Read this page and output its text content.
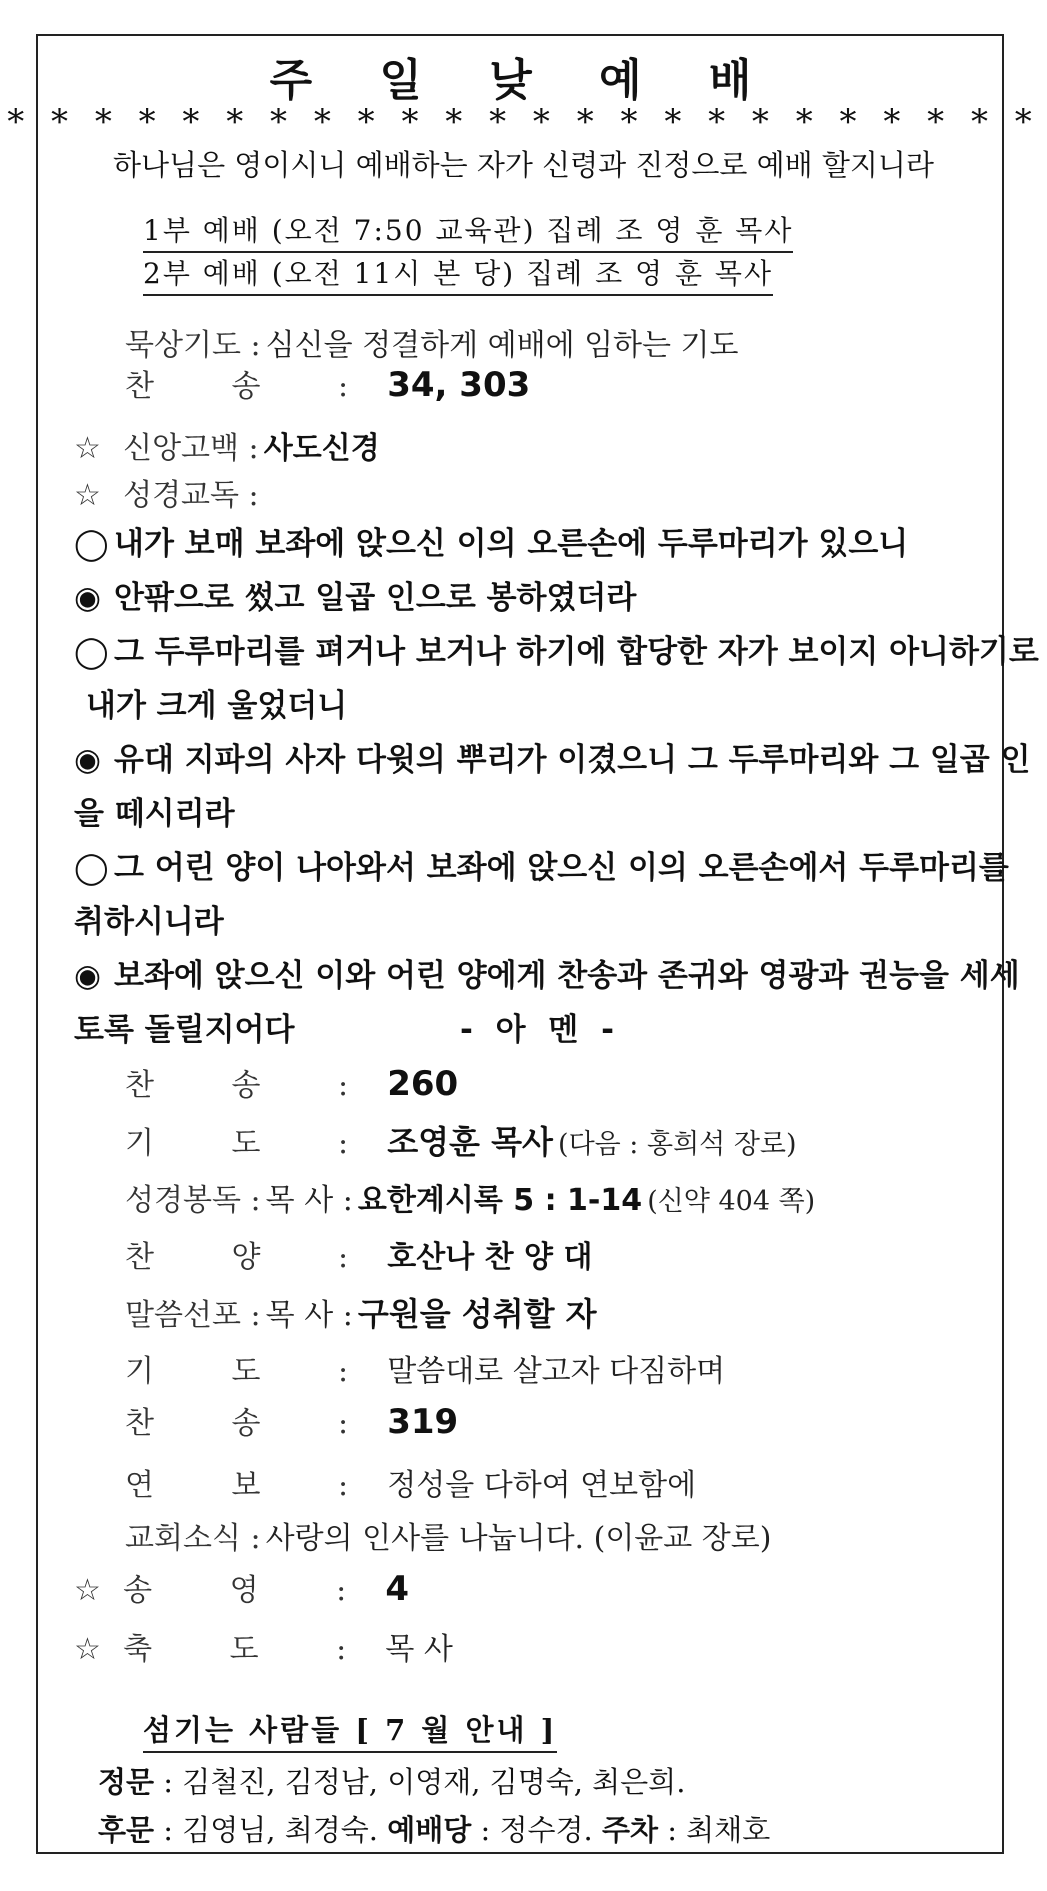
주 일 낮 예 배
* * * * * * * * * * * * * * * * * * * * * * * *
하나님은 영이시니 예배하는 자가 신령과 진정으로 예배 할지니라
1부 예배 (오전 7:50 교육관) 집례 조 영 훈 목사
2부 예배 (오전 11시 본 당) 집례 조 영 훈 목사
묵상기도 : 심신을 정결하게 예배에 임하는 기도
찬 송 : 34, 303
☆ 신앙고백 : 사도신경
☆ 성경교독 :
◯ 내가 보매 보좌에 앉으신 이의 오른손에 두루마리가 있으니
◉ 안팎으로 썼고 일곱 인으로 봉하였더라
◯ 그 두루마리를 펴거나 보거나 하기에 합당한 자가 보이지 아니하기로
내가 크게 울었더니
◉ 유대 지파의 사자 다윗의 뿌리가 이겼으니 그 두루마리와 그 일곱 인
을 떼시리라
◯ 그 어린 양이 나아와서 보좌에 앉으신 이의 오른손에서 두루마리를
취하시니라
◉ 보좌에 앉으신 이와 어린 양에게 찬송과 존귀와 영광과 권능을 세세
토록 돌릴지어다	- 아 멘 -
찬 송 : 260
기 도 : 조영훈 목사 (다음 : 홍희석 장로)
성경봉독 : 목 사 : 요한계시록 5 : 1-14 (신약 404 쪽)
찬 양 : 호산나 찬 양 대
말씀선포 : 목 사 : 구원을 성취할 자
기 도 : 말씀대로 살고자 다짐하며
찬 송 : 319
연 보 : 정성을 다하여 연보함에
교회소식 : 사랑의 인사를 나눕니다. (이윤교 장로)
☆ 송 영 : 4
☆ 축 도 : 목 사
섬기는 사람들 [ 7 월 안내 ]
정문 : 김철진, 김정남, 이영재, 김명숙, 최은희.
후문 : 김영님, 최경숙. 예배당 : 정수경. 주차 : 최채호
